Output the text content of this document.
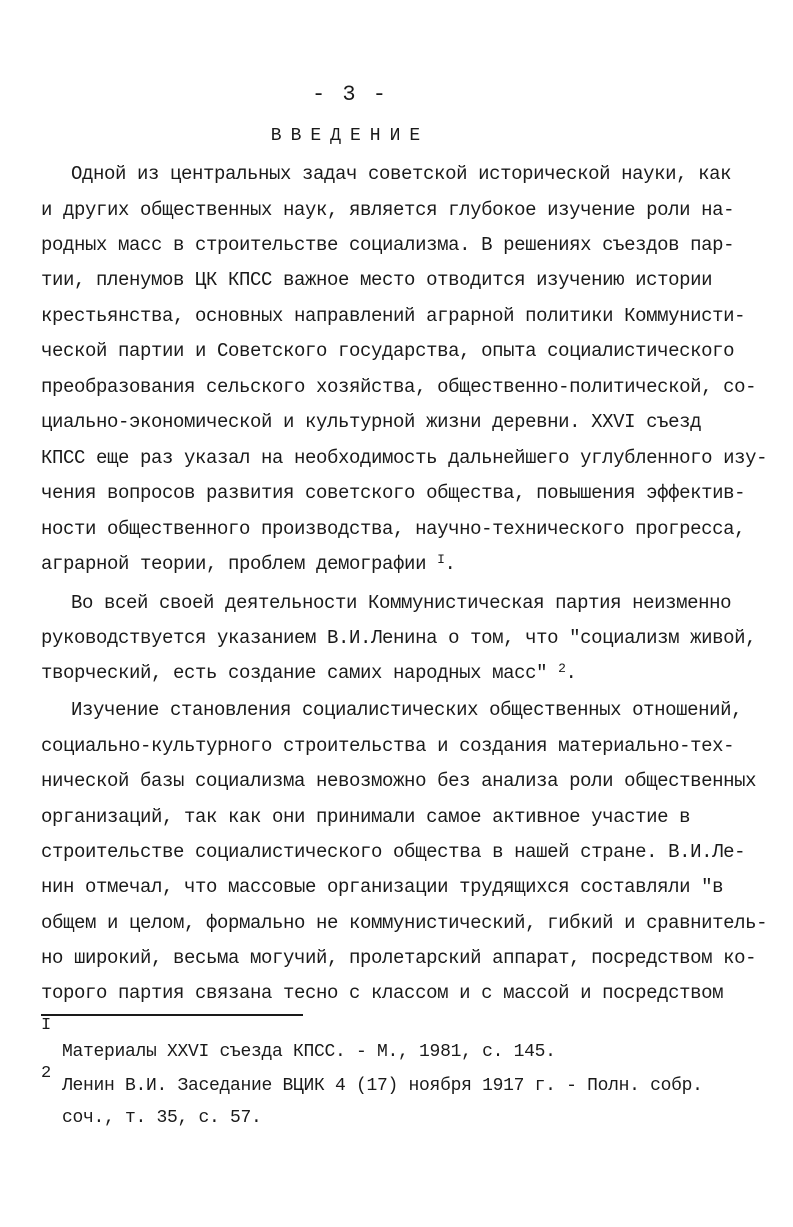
- 3 -
ВВЕДЕНИЕ
Одной из центральных задач советской исторической науки, как
и других общественных наук, является глубокое изучение роли на-
родных масс в строительстве социализма. В решениях съездов пар-
тии, пленумов ЦК КПСС важное место отводится изучению истории
крестьянства, основных направлений аграрной политики Коммунисти-
ческой партии и Советского государства, опыта социалистического
преобразования сельского хозяйства, общественно-политической, со-
циально-экономической и культурной жизни деревни. XXVI съезд
КПСС еще раз указал на необходимость дальнейшего углубленного изу-
чения вопросов развития советского общества, повышения эффектив-
ности общественного производства, научно-технического прогресса,
аграрной теории, проблем демографии $^I$.
Во всей своей деятельности Коммунистическая партия неизменно
руководствуется указанием В.И.Ленина о том, что "социализм живой,
творческий, есть создание самих народных масс" $^2$.
Изучение становления социалистических общественных отношений,
социально-культурного строительства и создания материально-тех-
нической базы социализма невозможно без анализа роли общественных
организаций, так как они принимали самое активное участие в
строительстве социалистического общества в нашей стране. В.И.Ле-
нин отмечал, что массовые организации трудящихся составляли "в
общем и целом, формально не коммунистический, гибкий и сравнитель-
но широкий, весьма могучий, пролетарский аппарат, посредством ко-
торого партия связана тесно с классом и с массой и посредством
I
Материалы XXVI съезда КПСС. - М., 1981, с. 145.
2
Ленин В.И. Заседание ВЦИК 4 (17) ноября 1917 г. - Полн. собр.
соч., т. 35, с. 57.
